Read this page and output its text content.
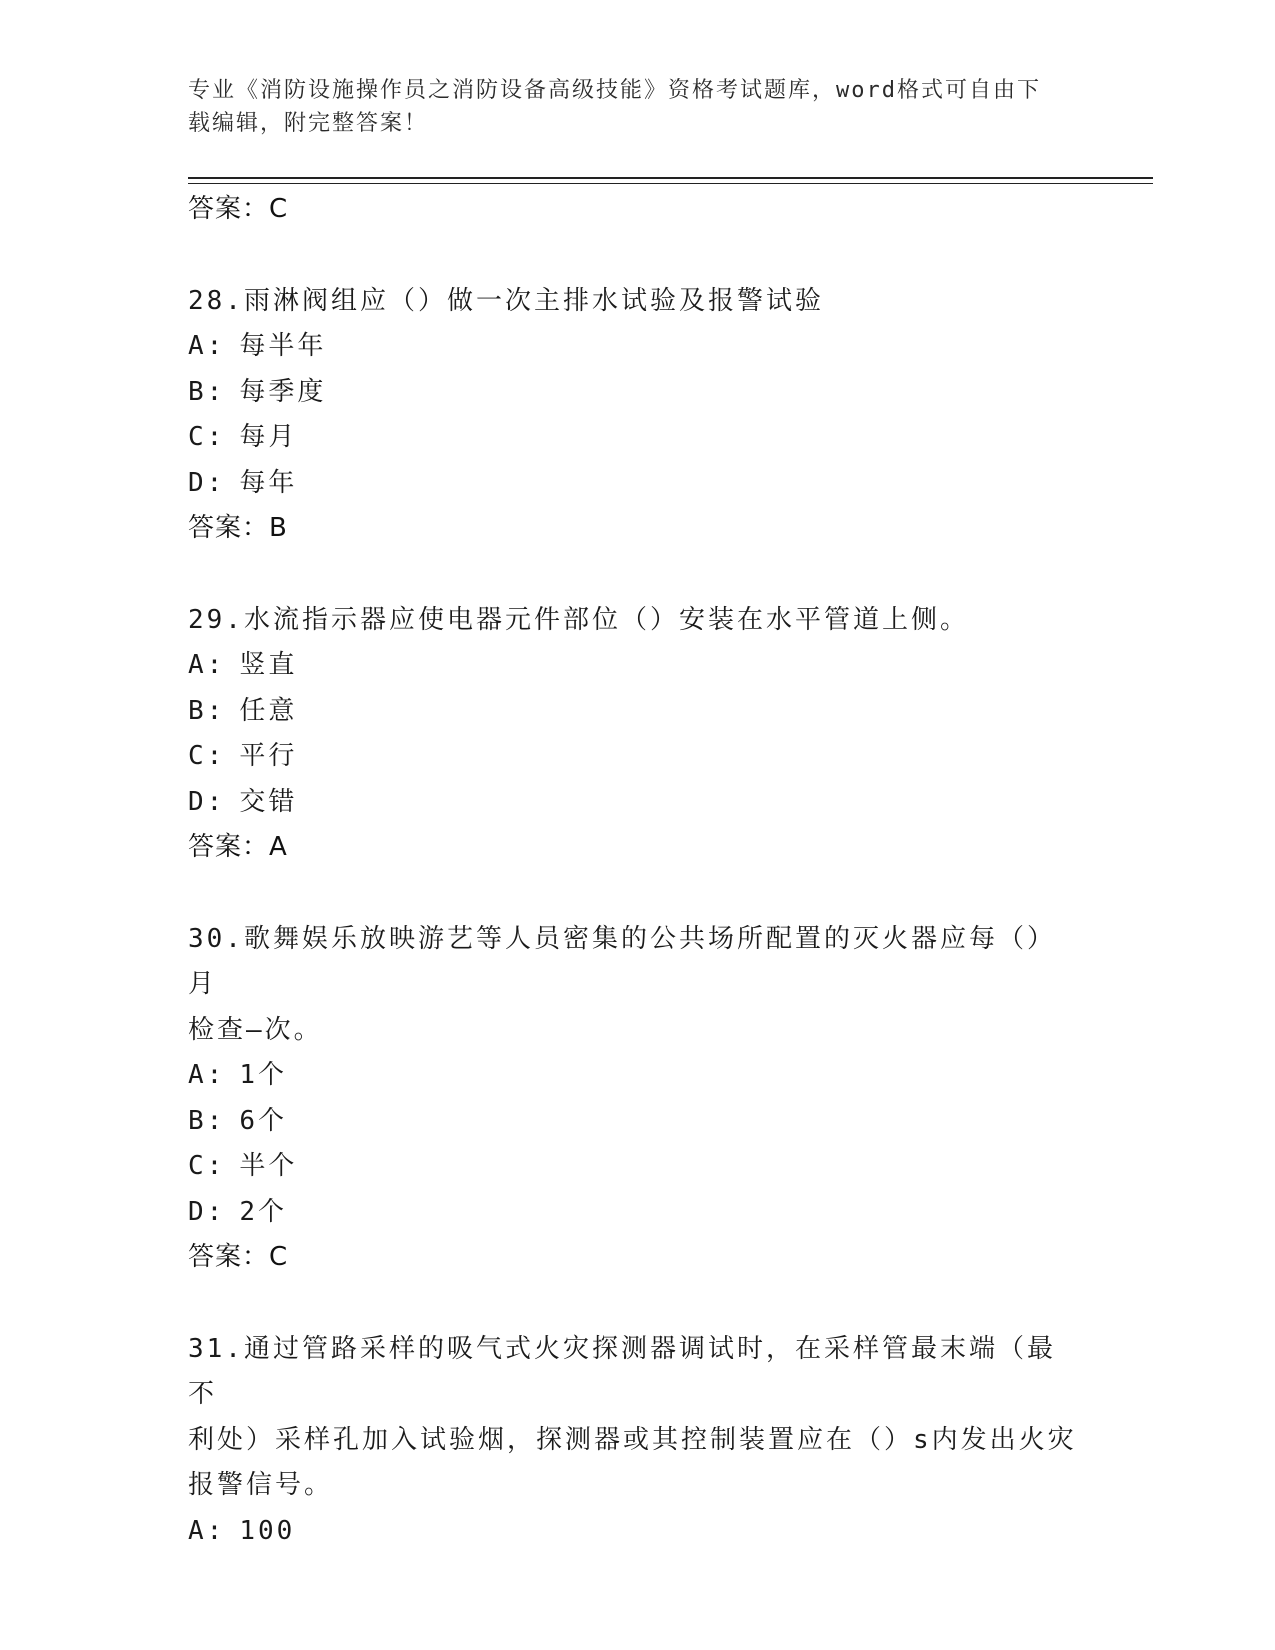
专业《消防设施操作员之消防设备高级技能》资格考试题库，word格式可自由下
载编辑，附完整答案！
答案：C
28.雨淋阀组应（）做一次主排水试验及报警试验
A: 每半年
B: 每季度
C: 每月
D: 每年
答案：B
29.水流指示器应使电器元件部位（）安装在水平管道上侧。
A: 竖直
B: 任意
C: 平行
D: 交错
答案：A
30.歌舞娱乐放映游艺等人员密集的公共场所配置的灭火器应每（）月
检查—次。
A: 1个
B: 6个
C: 半个
D: 2个
答案：C
31.通过管路采样的吸气式火灾探测器调试时，在采样管最末端（最不
利处）采样孔加入试验烟，探测器或其控制装置应在（）s内发出火灾
报警信号。
A: 100
